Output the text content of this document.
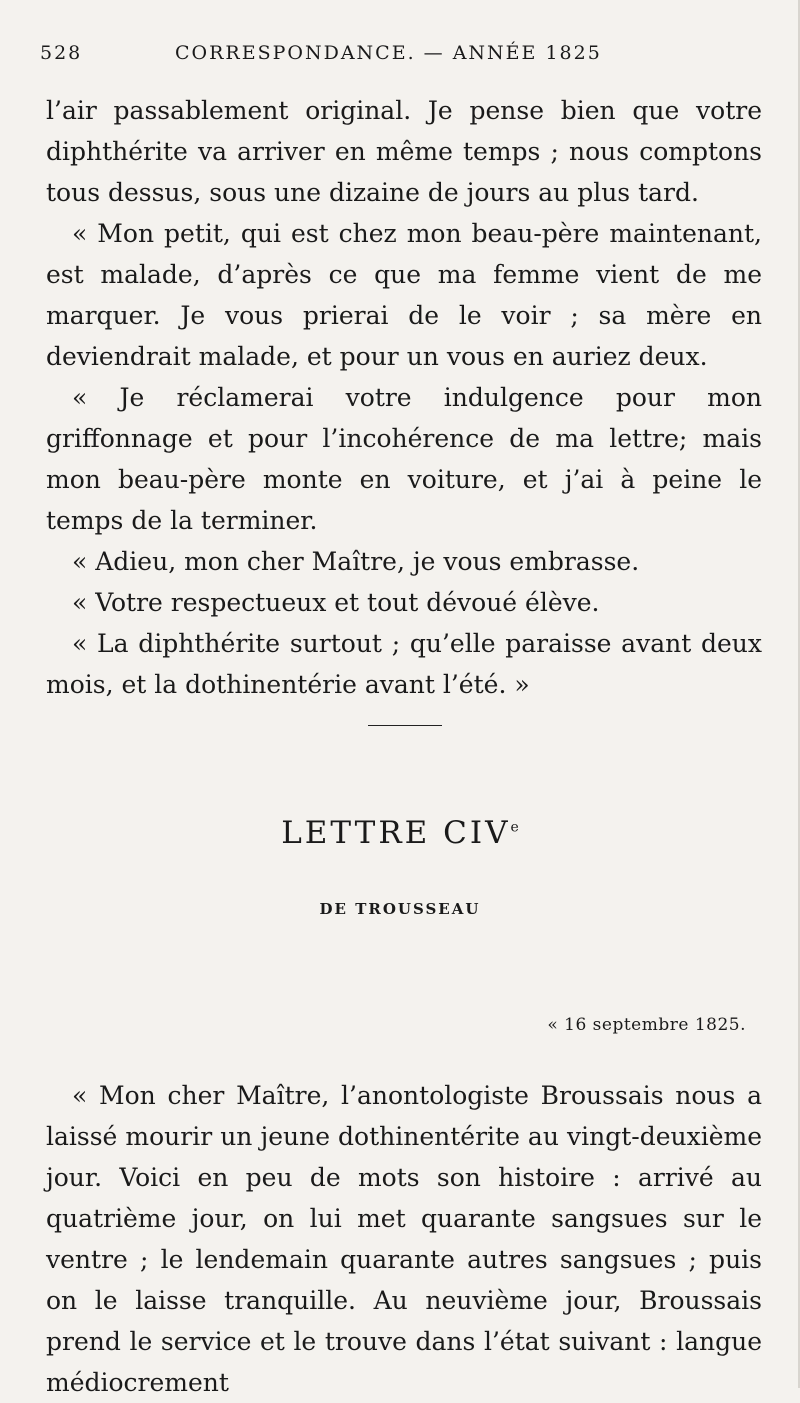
528	CORRESPONDANCE. — ANNÉE 1825

l’air passablement original. Je pense bien que votre diphthérite va arriver en même temps ; nous comptons tous dessus, sous une dizaine de jours au plus tard.

« Mon petit, qui est chez mon beau-père maintenant, est malade, d’après ce que ma femme vient de me marquer. Je vous prierai de le voir ; sa mère en deviendrait malade, et pour un vous en auriez deux.

« Je réclamerai votre indulgence pour mon griffonnage et pour l’incohérence de ma lettre; mais mon beau-père monte en voiture, et j’ai à peine le temps de la terminer.

« Adieu, mon cher Maître, je vous embrasse.

« Votre respectueux et tout dévoué élève.

« La diphthérite surtout ; qu’elle paraisse avant deux mois, et la dothinentérie avant l’été. »

LETTRE CIVe
DE TROUSSEAU
« 16 septembre 1825.

« Mon cher Maître, l’anontologiste Broussais nous a laissé mourir un jeune dothinentérite au vingt-deuxième jour. Voici en peu de mots son histoire : arrivé au quatrième jour, on lui met quarante sangsues sur le ventre ; le lendemain quarante autres sangsues ; puis on le laisse tranquille. Au neuvième jour, Broussais prend le service et le trouve dans l’état suivant : langue médiocrement
